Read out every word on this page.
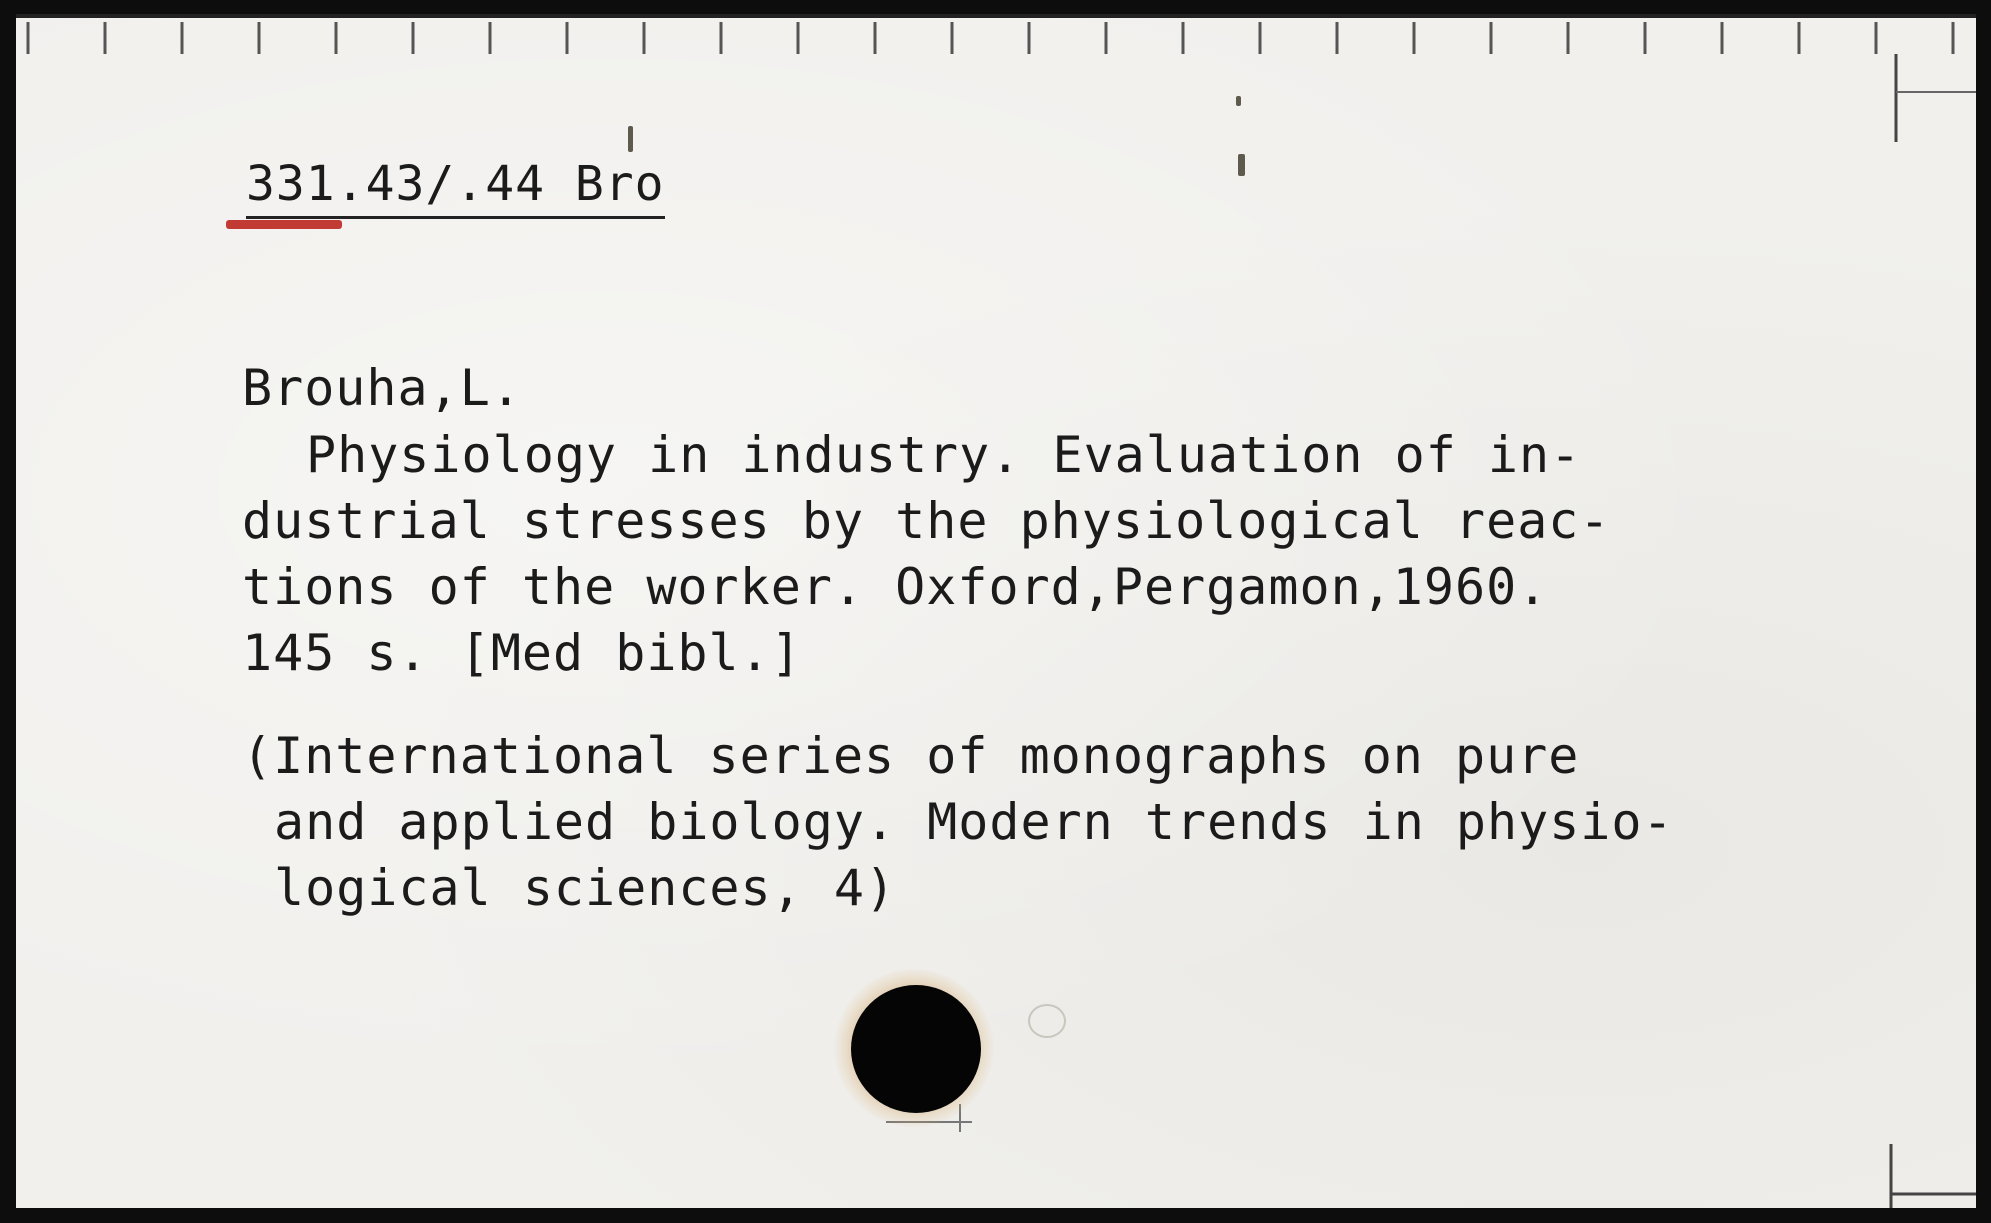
331.43/.44 Bro
Brouha,L.
Physiology in industry. Evaluation of in-
dustrial stresses by the physiological reac-
tions of the worker. Oxford,Pergamon,1960.
145 s. [Med bibl.]
(International series of monographs on pure
and applied biology. Modern trends in physio-
logical sciences, 4)
